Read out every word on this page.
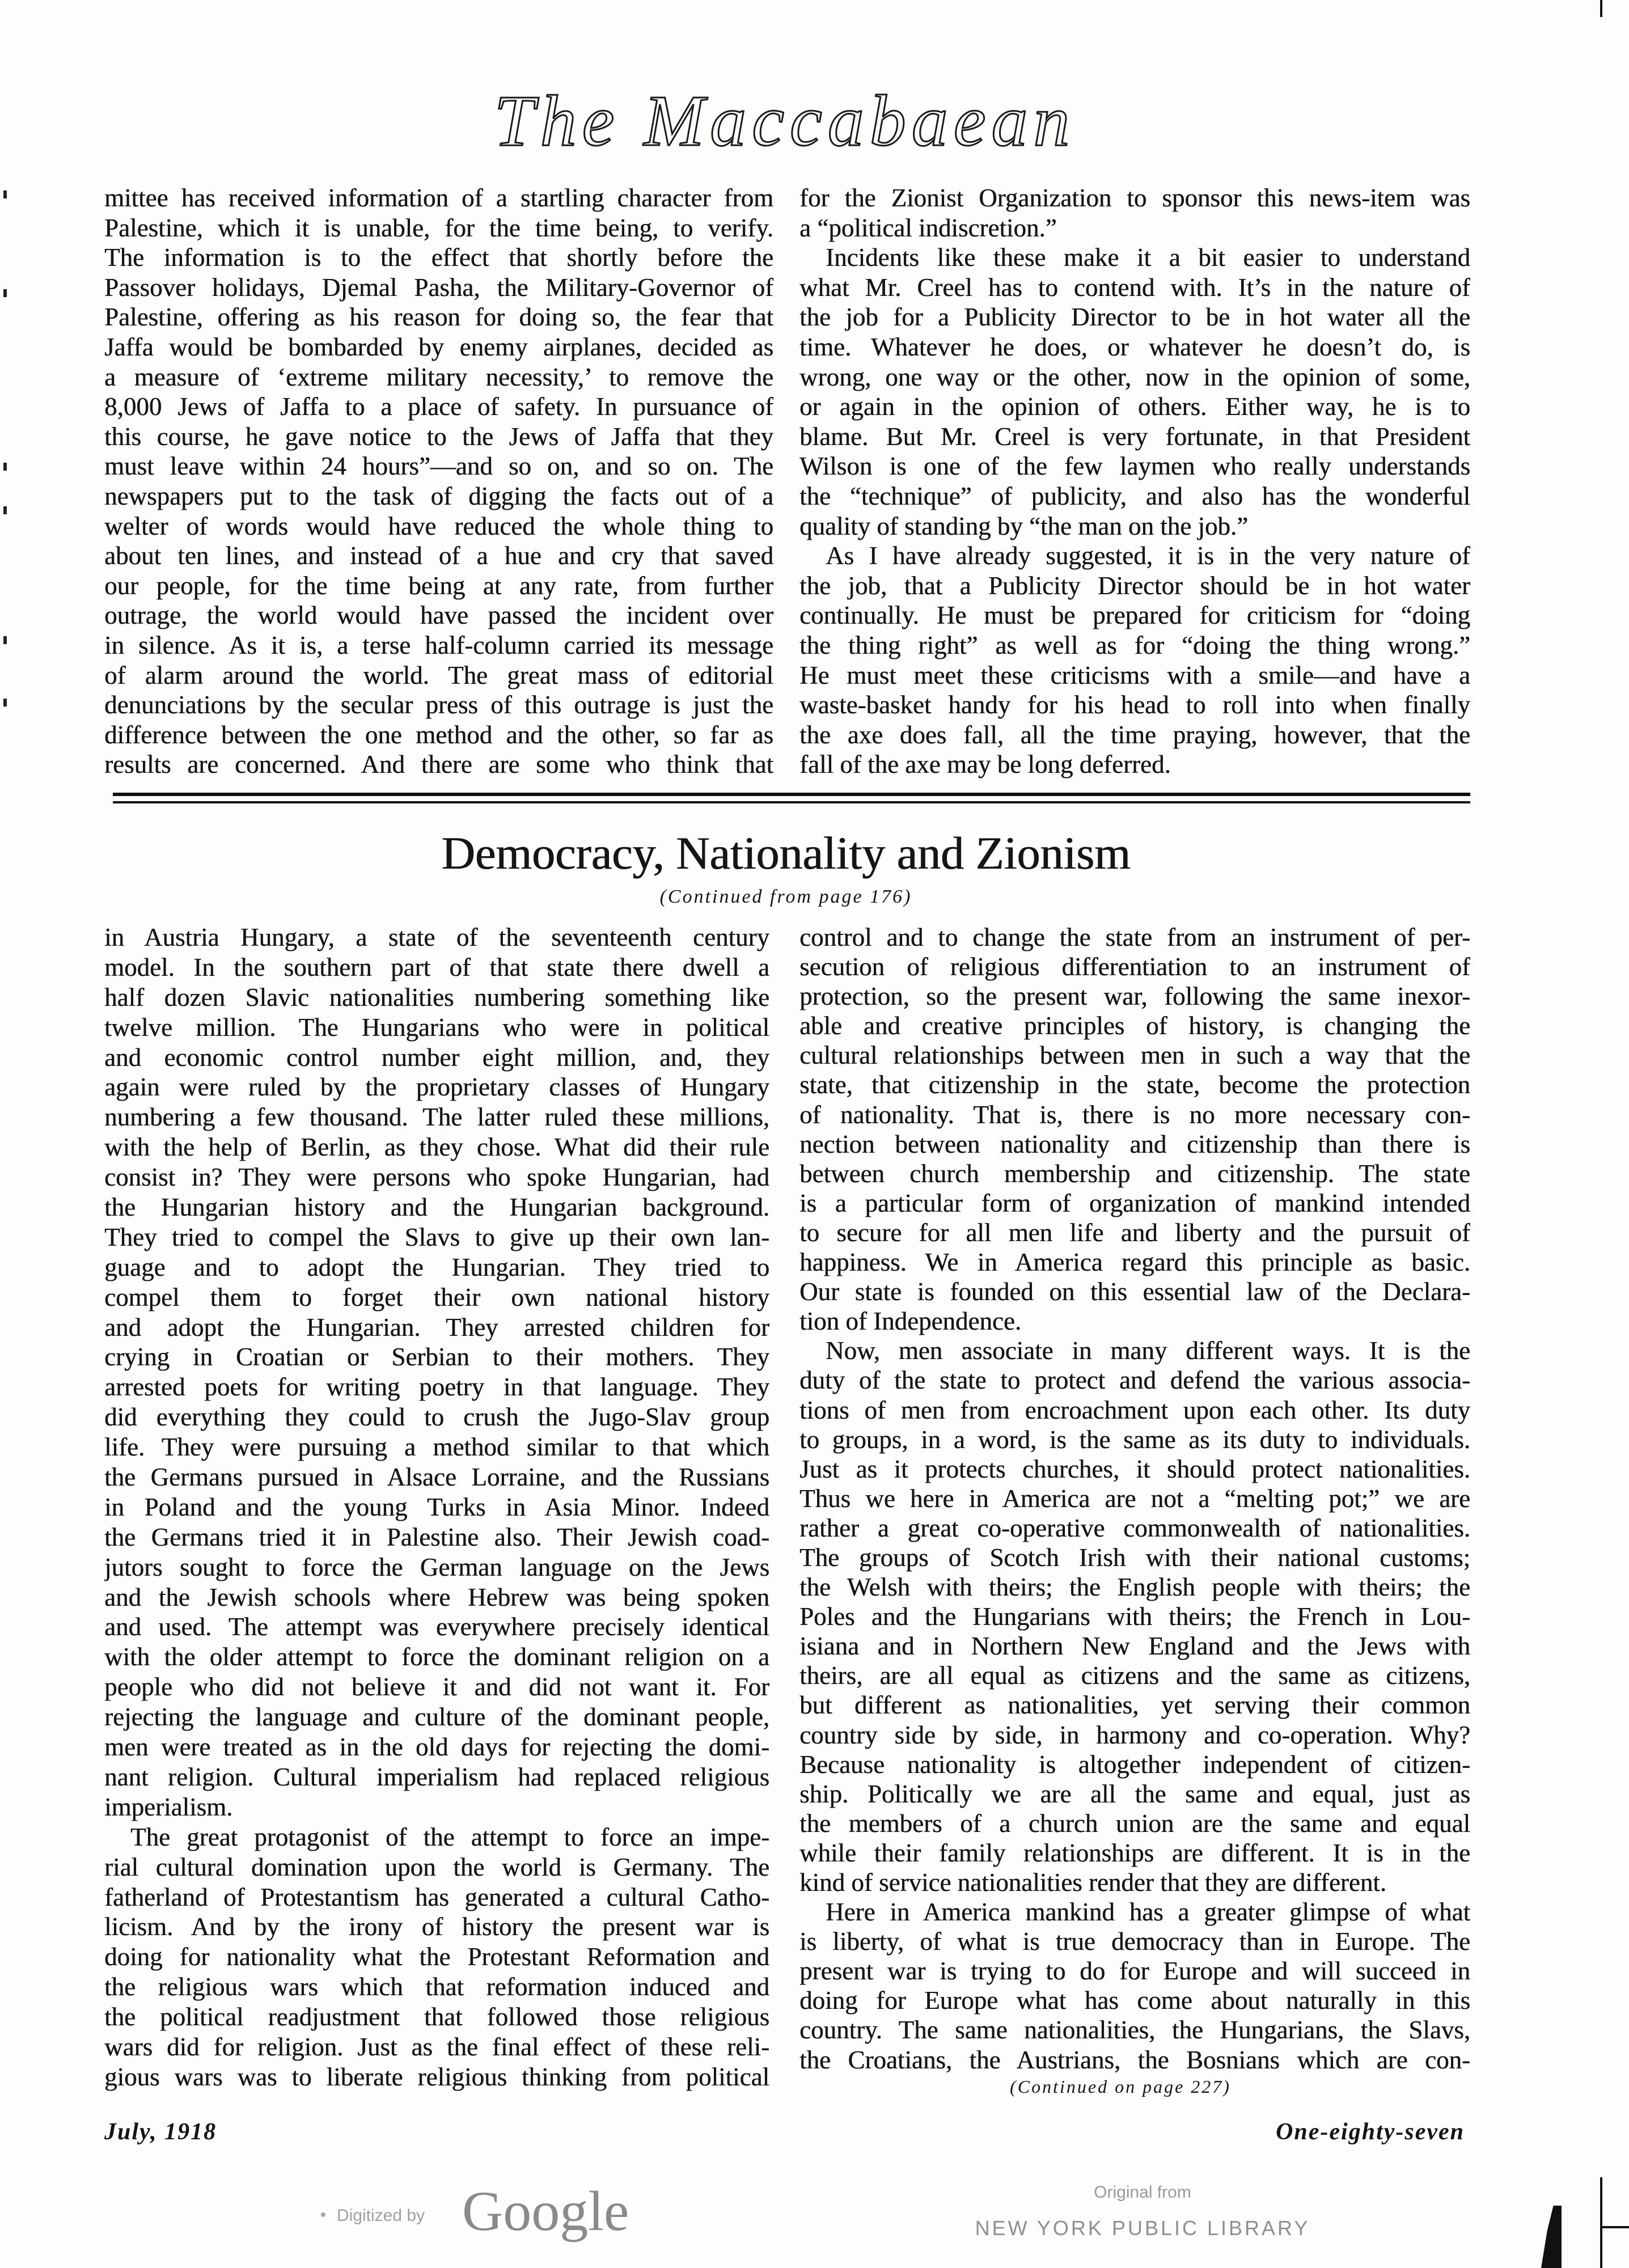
The Maccabaean
mittee has received information of a startling character from
Palestine, which it is unable, for the time being, to verify.
The information is to the effect that shortly before the
Passover holidays, Djemal Pasha, the Military-Governor of
Palestine, offering as his reason for doing so, the fear that
Jaffa would be bombarded by enemy airplanes, decided as
a measure of ‘extreme military necessity,’ to remove the
8,000 Jews of Jaffa to a place of safety. In pursuance of
this course, he gave notice to the Jews of Jaffa that they
must leave within 24 hours”—and so on, and so on. The
newspapers put to the task of digging the facts out of a
welter of words would have reduced the whole thing to
about ten lines, and instead of a hue and cry that saved
our people, for the time being at any rate, from further
outrage, the world would have passed the incident over
in silence. As it is, a terse half-column carried its message
of alarm around the world. The great mass of editorial
denunciations by the secular press of this outrage is just the
difference between the one method and the other, so far as
results are concerned. And there are some who think that
for the Zionist Organization to sponsor this news-item was
a “political indiscretion.”
Incidents like these make it a bit easier to understand
what Mr. Creel has to contend with. It’s in the nature of
the job for a Publicity Director to be in hot water all the
time. Whatever he does, or whatever he doesn’t do, is
wrong, one way or the other, now in the opinion of some,
or again in the opinion of others. Either way, he is to
blame. But Mr. Creel is very fortunate, in that President
Wilson is one of the few laymen who really understands
the “technique” of publicity, and also has the wonderful
quality of standing by “the man on the job.”
As I have already suggested, it is in the very nature of
the job, that a Publicity Director should be in hot water
continually. He must be prepared for criticism for “doing
the thing right” as well as for “doing the thing wrong.”
He must meet these criticisms with a smile—and have a
waste-basket handy for his head to roll into when finally
the axe does fall, all the time praying, however, that the
fall of the axe may be long deferred.
Democracy, Nationality and Zionism
(Continued from page 176)
in Austria Hungary, a state of the seventeenth century
model. In the southern part of that state there dwell a
half dozen Slavic nationalities numbering something like
twelve million. The Hungarians who were in political
and economic control number eight million, and, they
again were ruled by the proprietary classes of Hungary
numbering a few thousand. The latter ruled these millions,
with the help of Berlin, as they chose. What did their rule
consist in? They were persons who spoke Hungarian, had
the Hungarian history and the Hungarian background.
They tried to compel the Slavs to give up their own lan-
guage and to adopt the Hungarian. They tried to
compel them to forget their own national history
and adopt the Hungarian. They arrested children for
crying in Croatian or Serbian to their mothers. They
arrested poets for writing poetry in that language. They
did everything they could to crush the Jugo-Slav group
life. They were pursuing a method similar to that which
the Germans pursued in Alsace Lorraine, and the Russians
in Poland and the young Turks in Asia Minor. Indeed
the Germans tried it in Palestine also. Their Jewish coad-
jutors sought to force the German language on the Jews
and the Jewish schools where Hebrew was being spoken
and used. The attempt was everywhere precisely identical
with the older attempt to force the dominant religion on a
people who did not believe it and did not want it. For
rejecting the language and culture of the dominant people,
men were treated as in the old days for rejecting the domi-
nant religion. Cultural imperialism had replaced religious
imperialism.
The great protagonist of the attempt to force an impe-
rial cultural domination upon the world is Germany. The
fatherland of Protestantism has generated a cultural Catho-
licism. And by the irony of history the present war is
doing for nationality what the Protestant Reformation and
the religious wars which that reformation induced and
the political readjustment that followed those religious
wars did for religion. Just as the final effect of these reli-
gious wars was to liberate religious thinking from political
control and to change the state from an instrument of per-
secution of religious differentiation to an instrument of
protection, so the present war, following the same inexor-
able and creative principles of history, is changing the
cultural relationships between men in such a way that the
state, that citizenship in the state, become the protection
of nationality. That is, there is no more necessary con-
nection between nationality and citizenship than there is
between church membership and citizenship. The state
is a particular form of organization of mankind intended
to secure for all men life and liberty and the pursuit of
happiness. We in America regard this principle as basic.
Our state is founded on this essential law of the Declara-
tion of Independence.
Now, men associate in many different ways. It is the
duty of the state to protect and defend the various associa-
tions of men from encroachment upon each other. Its duty
to groups, in a word, is the same as its duty to individuals.
Just as it protects churches, it should protect nationalities.
Thus we here in America are not a “melting pot;” we are
rather a great co-operative commonwealth of nationalities.
The groups of Scotch Irish with their national customs;
the Welsh with theirs; the English people with theirs; the
Poles and the Hungarians with theirs; the French in Lou-
isiana and in Northern New England and the Jews with
theirs, are all equal as citizens and the same as citizens,
but different as nationalities, yet serving their common
country side by side, in harmony and co-operation. Why?
Because nationality is altogether independent of citizen-
ship. Politically we are all the same and equal, just as
the members of a church union are the same and equal
while their family relationships are different. It is in the
kind of service nationalities render that they are different.
Here in America mankind has a greater glimpse of what
is liberty, of what is true democracy than in Europe. The
present war is trying to do for Europe and will succeed in
doing for Europe what has come about naturally in this
country. The same nationalities, the Hungarians, the Slavs,
the Croatians, the Austrians, the Bosnians which are con-
(Continued on page 227)
July, 1918	One-eighty-seven
Digitized by Google	Original from
NEW YORK PUBLIC LIBRARY
